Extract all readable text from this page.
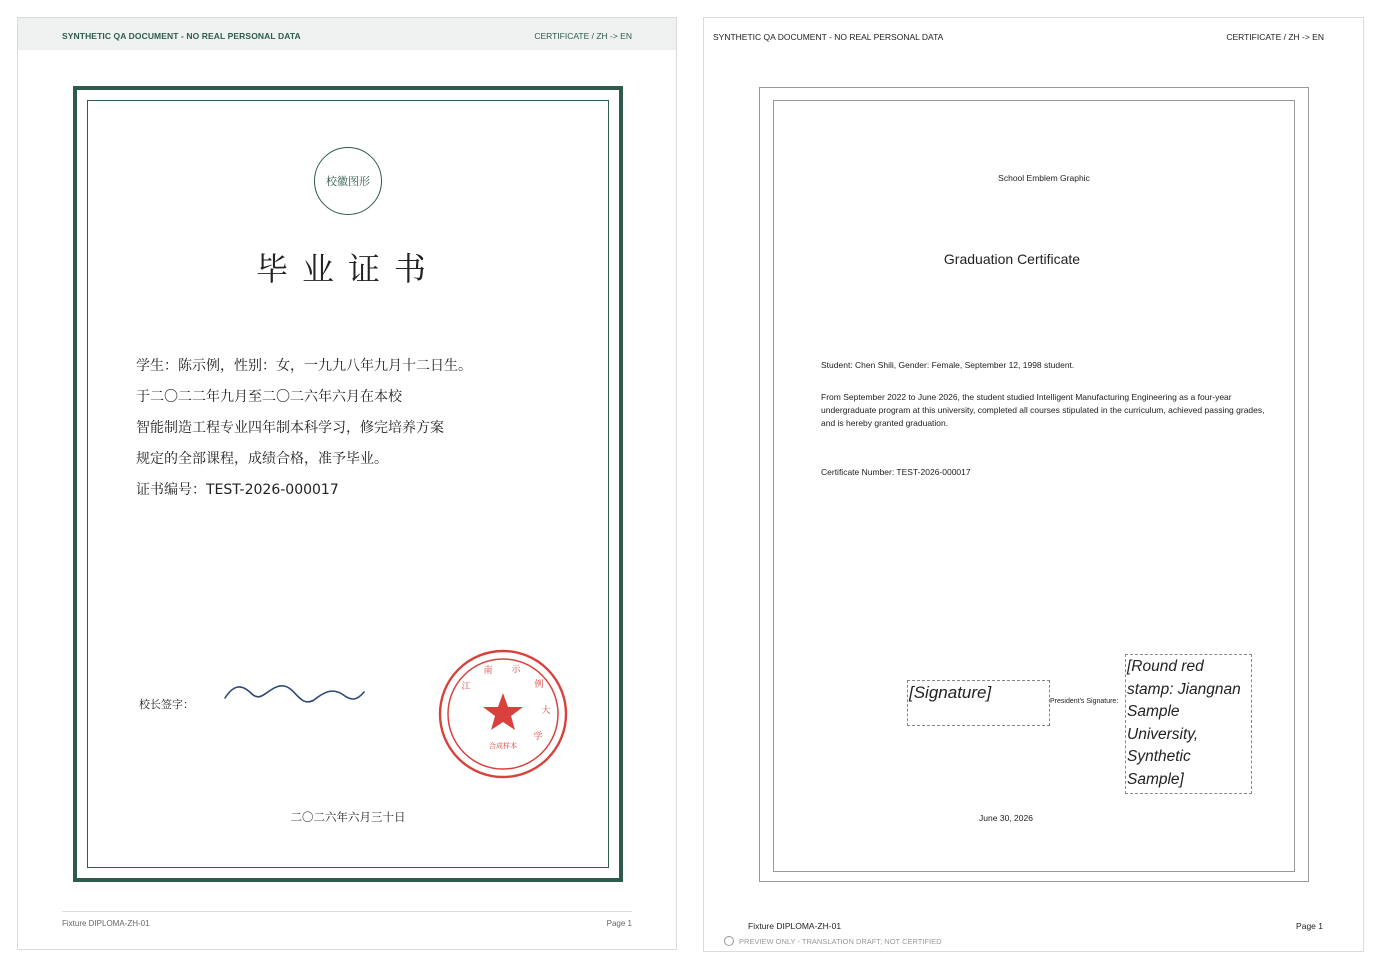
SYNTHETIC QA DOCUMENT - NO REAL PERSONAL DATA	CERTIFICATE / ZH -> EN
校徽图形
毕业证书
学生：陈示例，性别：女，一九九八年九月十二日生。
于二〇二二年九月至二〇二六年六月在本校
智能制造工程专业四年制本科学习，修完培养方案
规定的全部课程，成绩合格，准予毕业。
证书编号：TEST-2026-000017
校长签字：
江
南 示
例
大
学
合成样本
二〇二六年六月三十日
Fixture DIPLOMA-ZH-01	Page 1
SYNTHETIC QA DOCUMENT - NO REAL PERSONAL DATA	CERTIFICATE / ZH -> EN
School Emblem Graphic
Graduation Certificate
Student: Chen Shili, Gender: Female, September 12, 1998 student.
From September 2022 to June 2026, the student studied Intelligent Manufacturing Engineering as a four-year
undergraduate program at this university, completed all courses stipulated in the curriculum, achieved passing grades,
and is hereby granted graduation.
Certificate Number: TEST-2026-000017
[Signature]	President's Signature:
[Round red stamp: Jiangnan Sample University, Synthetic Sample]
June 30, 2026
Fixture DIPLOMA-ZH-01	Page 1
PREVIEW ONLY - TRANSLATION DRAFT, NOT CERTIFIED
